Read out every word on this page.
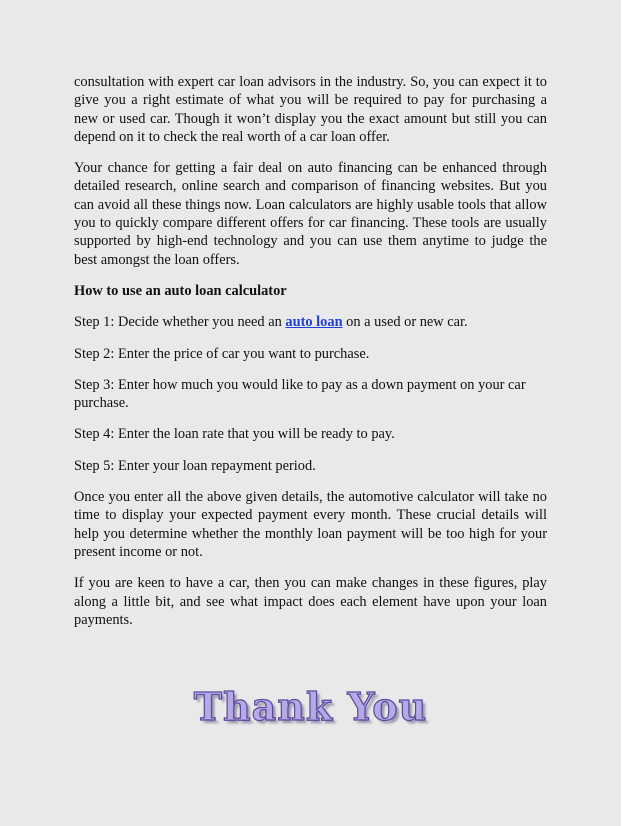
consultation with expert car loan advisors in the industry. So, you can expect it to give you a right estimate of what you will be required to pay for purchasing a new or used car. Though it won’t display you the exact amount but still you can depend on it to check the real worth of a car loan offer.

Your chance for getting a fair deal on auto financing can be enhanced through detailed research, online search and comparison of financing websites. But you can avoid all these things now. Loan calculators are highly usable tools that allow you to quickly compare different offers for car financing. These tools are usually supported by high-end technology and you can use them anytime to judge the best amongst the loan offers.

How to use an auto loan calculator

Step 1: Decide whether you need an auto loan on a used or new car.

Step 2: Enter the price of car you want to purchase.

Step 3: Enter how much you would like to pay as a down payment on your car purchase.

Step 4: Enter the loan rate that you will be ready to pay.

Step 5: Enter your loan repayment period.

Once you enter all the above given details, the automotive calculator will take no time to display your expected payment every month. These crucial details will help you determine whether the monthly loan payment will be too high for your present income or not.

If you are keen to have a car, then you can make changes in these figures, play along a little bit, and see what impact does each element have upon your loan payments.

Thank You
